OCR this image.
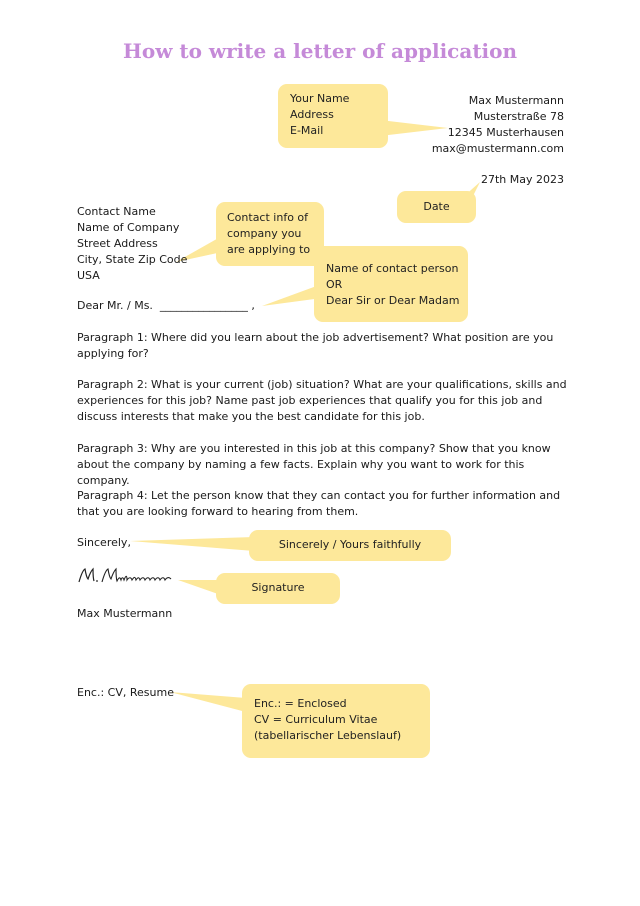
How to write a letter of application
Max Mustermann
Musterstraße 78
12345 Musterhausen
max@mustermann.com
27th May 2023
Contact Name
Name of Company
Street Address
City, State Zip Code
USA
Dear Mr. / Ms.  ________________ ,
Paragraph 1: Where did you learn about the job advertisement? What position are you applying for?
Paragraph 2: What is your current (job) situation? What are your qualifications, skills and experiences for this job? Name past job experiences that qualify you for this job and discuss interests that make you the best candidate for this job.
Paragraph 3: Why are you interested in this job at this company? Show that you know about the company by naming a few facts. Explain why you want to work for this company.
Paragraph 4: Let the person know that they can contact you for further information and that you are looking forward to hearing from them.
Sincerely,
Max Mustermann
Enc.: CV, Resume
Your Name
Address
E-Mail
Date
Contact info of
company you
are applying to
Name of contact person
OR
Dear Sir or Dear Madam
Sincerely / Yours faithfully
Signature
Enc.: = Enclosed
CV = Curriculum Vitae
(tabellarischer Lebenslauf)
